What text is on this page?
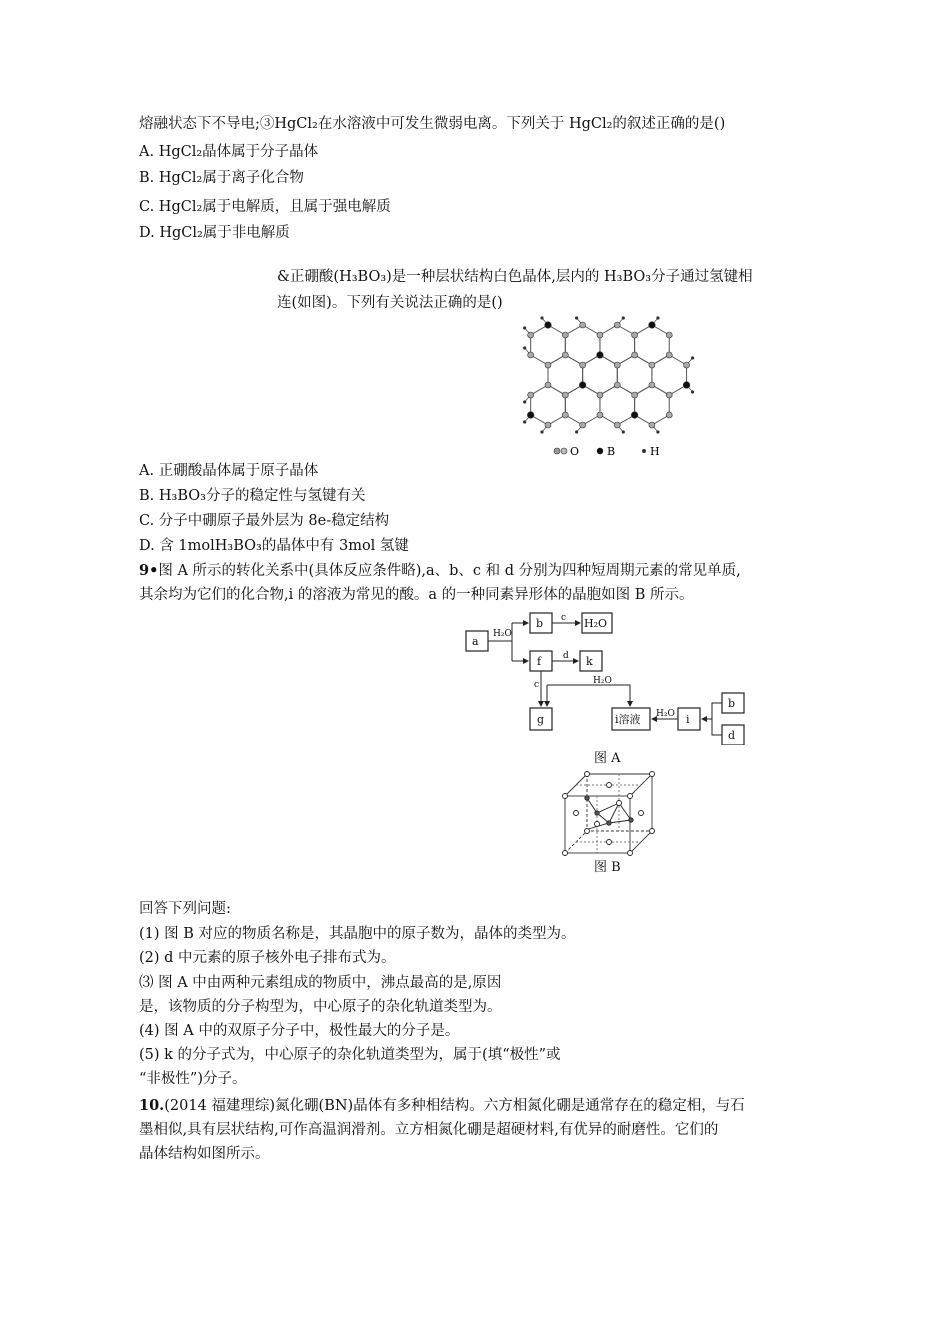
熔融状态下不导电;③HgCl₂在水溶液中可发生微弱电离。下列关于 HgCl₂的叙述正确的是()
A. HgCl₂晶体属于分子晶体
B. HgCl₂属于离子化合物
C. HgCl₂属于电解质，且属于强电解质
D. HgCl₂属于非电解质
&正硼酸(H₃BO₃)是一种层状结构白色晶体,层内的 H₃BO₃分子通过氢键相
连(如图)。下列有关说法正确的是()
O	B	H
A. 正硼酸晶体属于原子晶体
B. H₃BO₃分子的稳定性与氢键有关
C. 分子中硼原子最外层为 8e-稳定结构
D. 含 1molH₃BO₃的晶体中有 3mol 氢键
9•图 A 所示的转化关系中(具体反应条件略),a、b、c 和 d 分别为四种短周期元素的常见单质,
其余均为它们的化合物,i 的溶液为常见的酸。a 的一种同素异形体的晶胞如图 B 所示。
a
b	H₂O
f	k
g	i溶液	i
b
d
H₂O
c
d
c	H₂O
H₂O
图 A
图 B
回答下列问题:
(1) 图 B 对应的物质名称是，其晶胞中的原子数为，晶体的类型为。
(2) d 中元素的原子核外电子排布式为。
⑶ 图 A 中由两种元素组成的物质中，沸点最高的是,原因
是，该物质的分子构型为，中心原子的杂化轨道类型为。
(4) 图 A 中的双原子分子中，极性最大的分子是。
(5) k 的分子式为，中心原子的杂化轨道类型为，属于(填“极性”或
“非极性”)分子。
10.(2014 福建理综)氮化硼(BN)晶体有多种相结构。六方相氮化硼是通常存在的稳定相，与石
墨相似,具有层状结构,可作高温润滑剂。立方相氮化硼是超硬材料,有优异的耐磨性。它们的
晶体结构如图所示。
